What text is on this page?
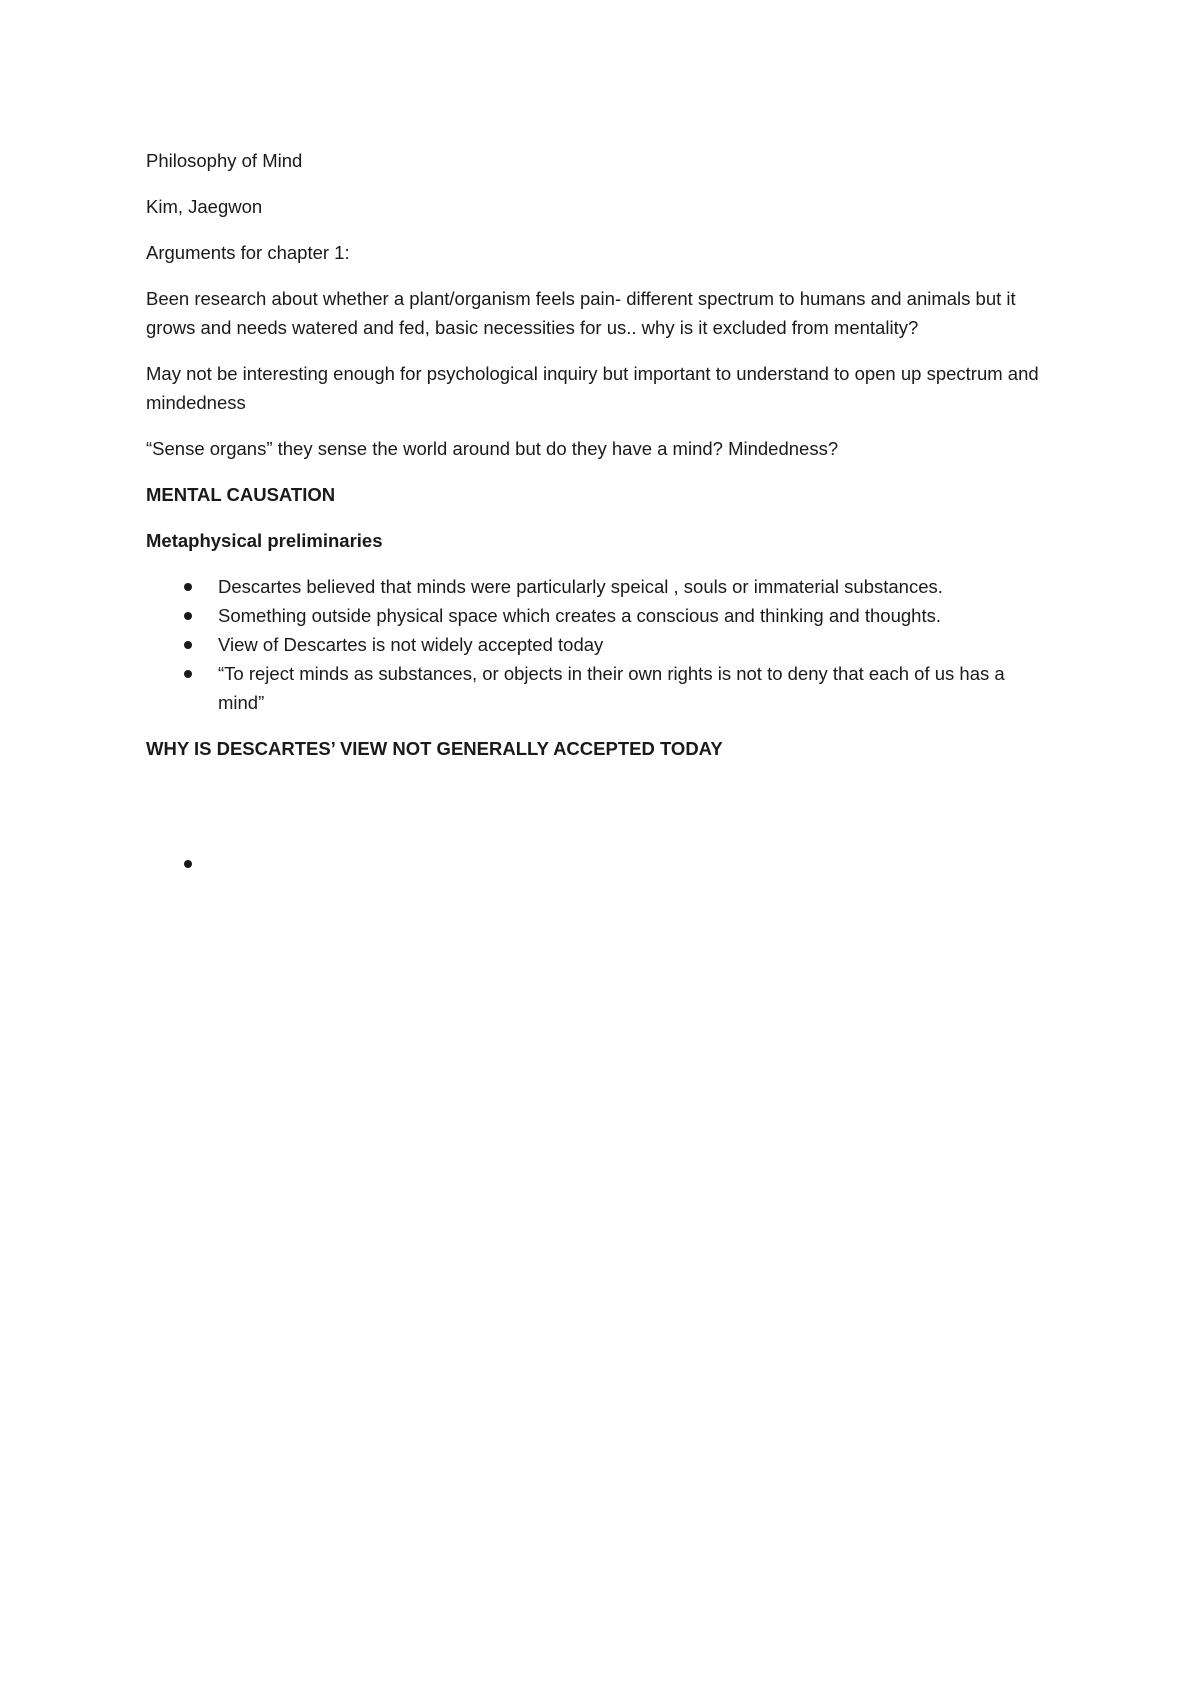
Philosophy of Mind

Kim, Jaegwon

Arguments for chapter 1:

Been research about whether a plant/organism feels pain- different spectrum to humans and animals but it grows and needs watered and fed, basic necessities for us.. why is it excluded from mentality?

May not be interesting enough for psychological inquiry but important to understand to open up spectrum and mindedness

“Sense organs” they sense the world around but do they have a mind? Mindedness?

MENTAL CAUSATION

Metaphysical preliminaries

Descartes believed that minds were particularly speical , souls or immaterial substances.
Something outside physical space which creates a conscious and thinking and thoughts.
View of Descartes is not widely accepted today
“To reject minds as substances, or objects in their own rights is not to deny that each of us has a mind”

WHY IS DESCARTES’ VIEW NOT GENERALLY ACCEPTED TODAY
